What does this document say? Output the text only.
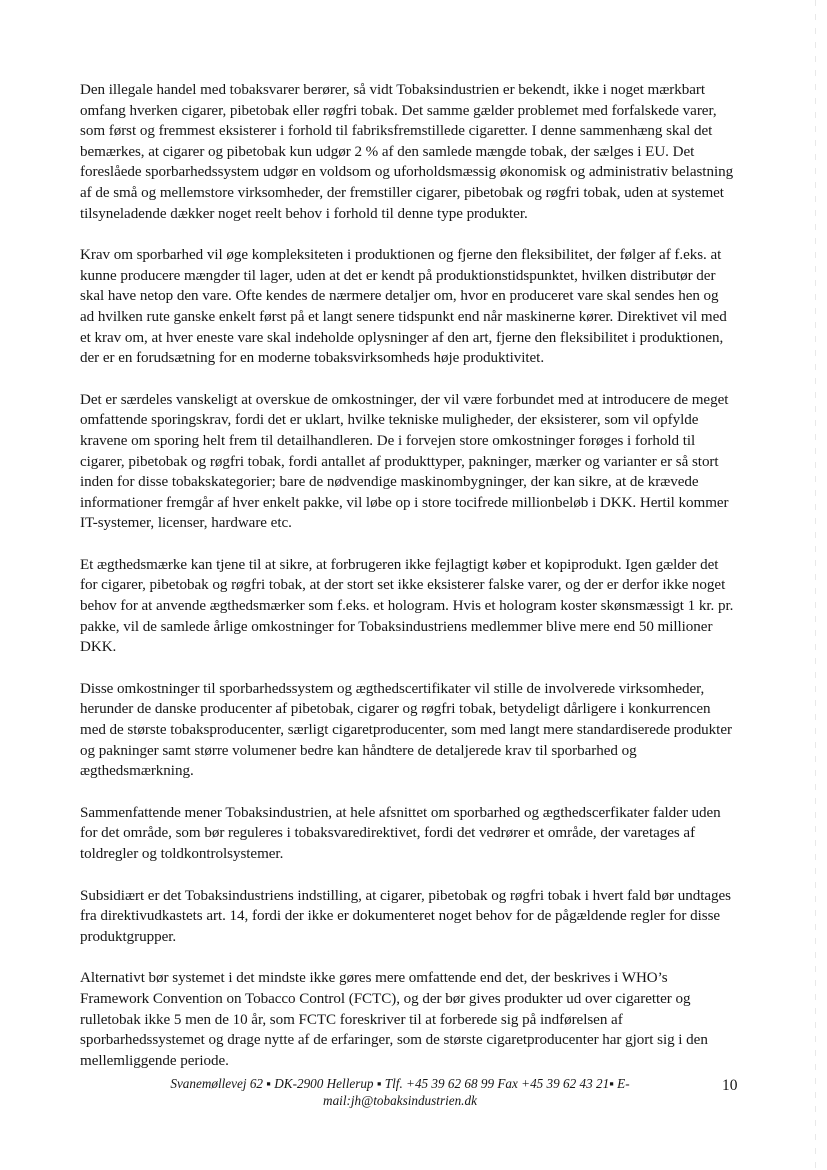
Den illegale handel med tobaksvarer berører, så vidt Tobaksindustrien er bekendt, ikke i noget mærkbart
omfang hverken cigarer, pibetobak eller røgfri tobak. Det samme gælder problemet med forfalskede varer,
som først og fremmest eksisterer i forhold til fabriksfremstillede cigaretter. I denne sammenhæng skal det
bemærkes, at cigarer og pibetobak kun udgør 2 % af den samlede mængde tobak, der sælges i EU. Det
foreslåede sporbarhedssystem udgør en voldsom og uforholdsmæssig økonomisk og administrativ belastning
af de små og mellemstore virksomheder, der fremstiller cigarer, pibetobak og røgfri tobak, uden at systemet
tilsyneladende dækker noget reelt behov i forhold til denne type produkter.

Krav om sporbarhed vil øge kompleksiteten i produktionen og fjerne den fleksibilitet, der følger af f.eks. at
kunne producere mængder til lager, uden at det er kendt på produktionstidspunktet, hvilken distributør der
skal have netop den vare. Ofte kendes de nærmere detaljer om, hvor en produceret vare skal sendes hen og
ad hvilken rute ganske enkelt først på et langt senere tidspunkt end når maskinerne kører. Direktivet vil med
et krav om, at hver eneste vare skal indeholde oplysninger af den art, fjerne den fleksibilitet i produktionen,
der er en forudsætning for en moderne tobaksvirksomheds høje produktivitet.

Det er særdeles vanskeligt at overskue de omkostninger, der vil være forbundet med at introducere de meget
omfattende sporingskrav, fordi det er uklart, hvilke tekniske muligheder, der eksisterer, som vil opfylde
kravene om sporing helt frem til detailhandleren. De i forvejen store omkostninger forøges i forhold til
cigarer, pibetobak og røgfri tobak, fordi antallet af produkttyper, pakninger, mærker og varianter er så stort
inden for disse tobakskategorier; bare de nødvendige maskinombygninger, der kan sikre, at de krævede
informationer fremgår af hver enkelt pakke, vil løbe op i store tocifrede millionbeløb i DKK. Hertil kommer
IT-systemer, licenser, hardware etc.

Et ægthedsmærke kan tjene til at sikre, at forbrugeren ikke fejlagtigt køber et kopiprodukt. Igen gælder det
for cigarer, pibetobak og røgfri tobak, at der stort set ikke eksisterer falske varer, og der er derfor ikke noget
behov for at anvende ægthedsmærker som f.eks. et hologram. Hvis et hologram koster skønsmæssigt 1 kr. pr.
pakke, vil de samlede årlige omkostninger for Tobaksindustriens medlemmer blive mere end 50 millioner
DKK.

Disse omkostninger til sporbarhedssystem og ægthedscertifikater vil stille de involverede virksomheder,
herunder de danske producenter af pibetobak, cigarer og røgfri tobak, betydeligt dårligere i konkurrencen
med de største tobaksproducenter, særligt cigaretproducenter, som med langt mere standardiserede produkter
og pakninger samt større volumener bedre kan håndtere de detaljerede krav til sporbarhed og
ægthedsmærkning.

Sammenfattende mener Tobaksindustrien, at hele afsnittet om sporbarhed og ægthedscerfikater falder uden
for det område, som bør reguleres i tobaksvaredirektivet, fordi det vedrører et område, der varetages af
toldregler og toldkontrolsystemer.

Subsidiært er det Tobaksindustriens indstilling, at cigarer, pibetobak og røgfri tobak i hvert fald bør undtages
fra direktivudkastets art. 14, fordi der ikke er dokumenteret noget behov for de pågældende regler for disse
produktgrupper.

Alternativt bør systemet i det mindste ikke gøres mere omfattende end det, der beskrives i WHO’s
Framework Convention on Tobacco Control (FCTC), og der bør gives produkter ud over cigaretter og
rulletobak ikke 5 men de 10 år, som FCTC foreskriver til at forberede sig på indførelsen af
sporbarhedssystemet og drage nytte af de erfaringer, som de største cigaretproducenter har gjort sig i den
mellemliggende periode.

Svanemøllevej 62 ▪ DK-2900 Hellerup ▪ Tlf. +45 39 62 68 99 Fax +45 39 62 43 21▪ E-
mail:jh@tobaksindustrien.dk
10
